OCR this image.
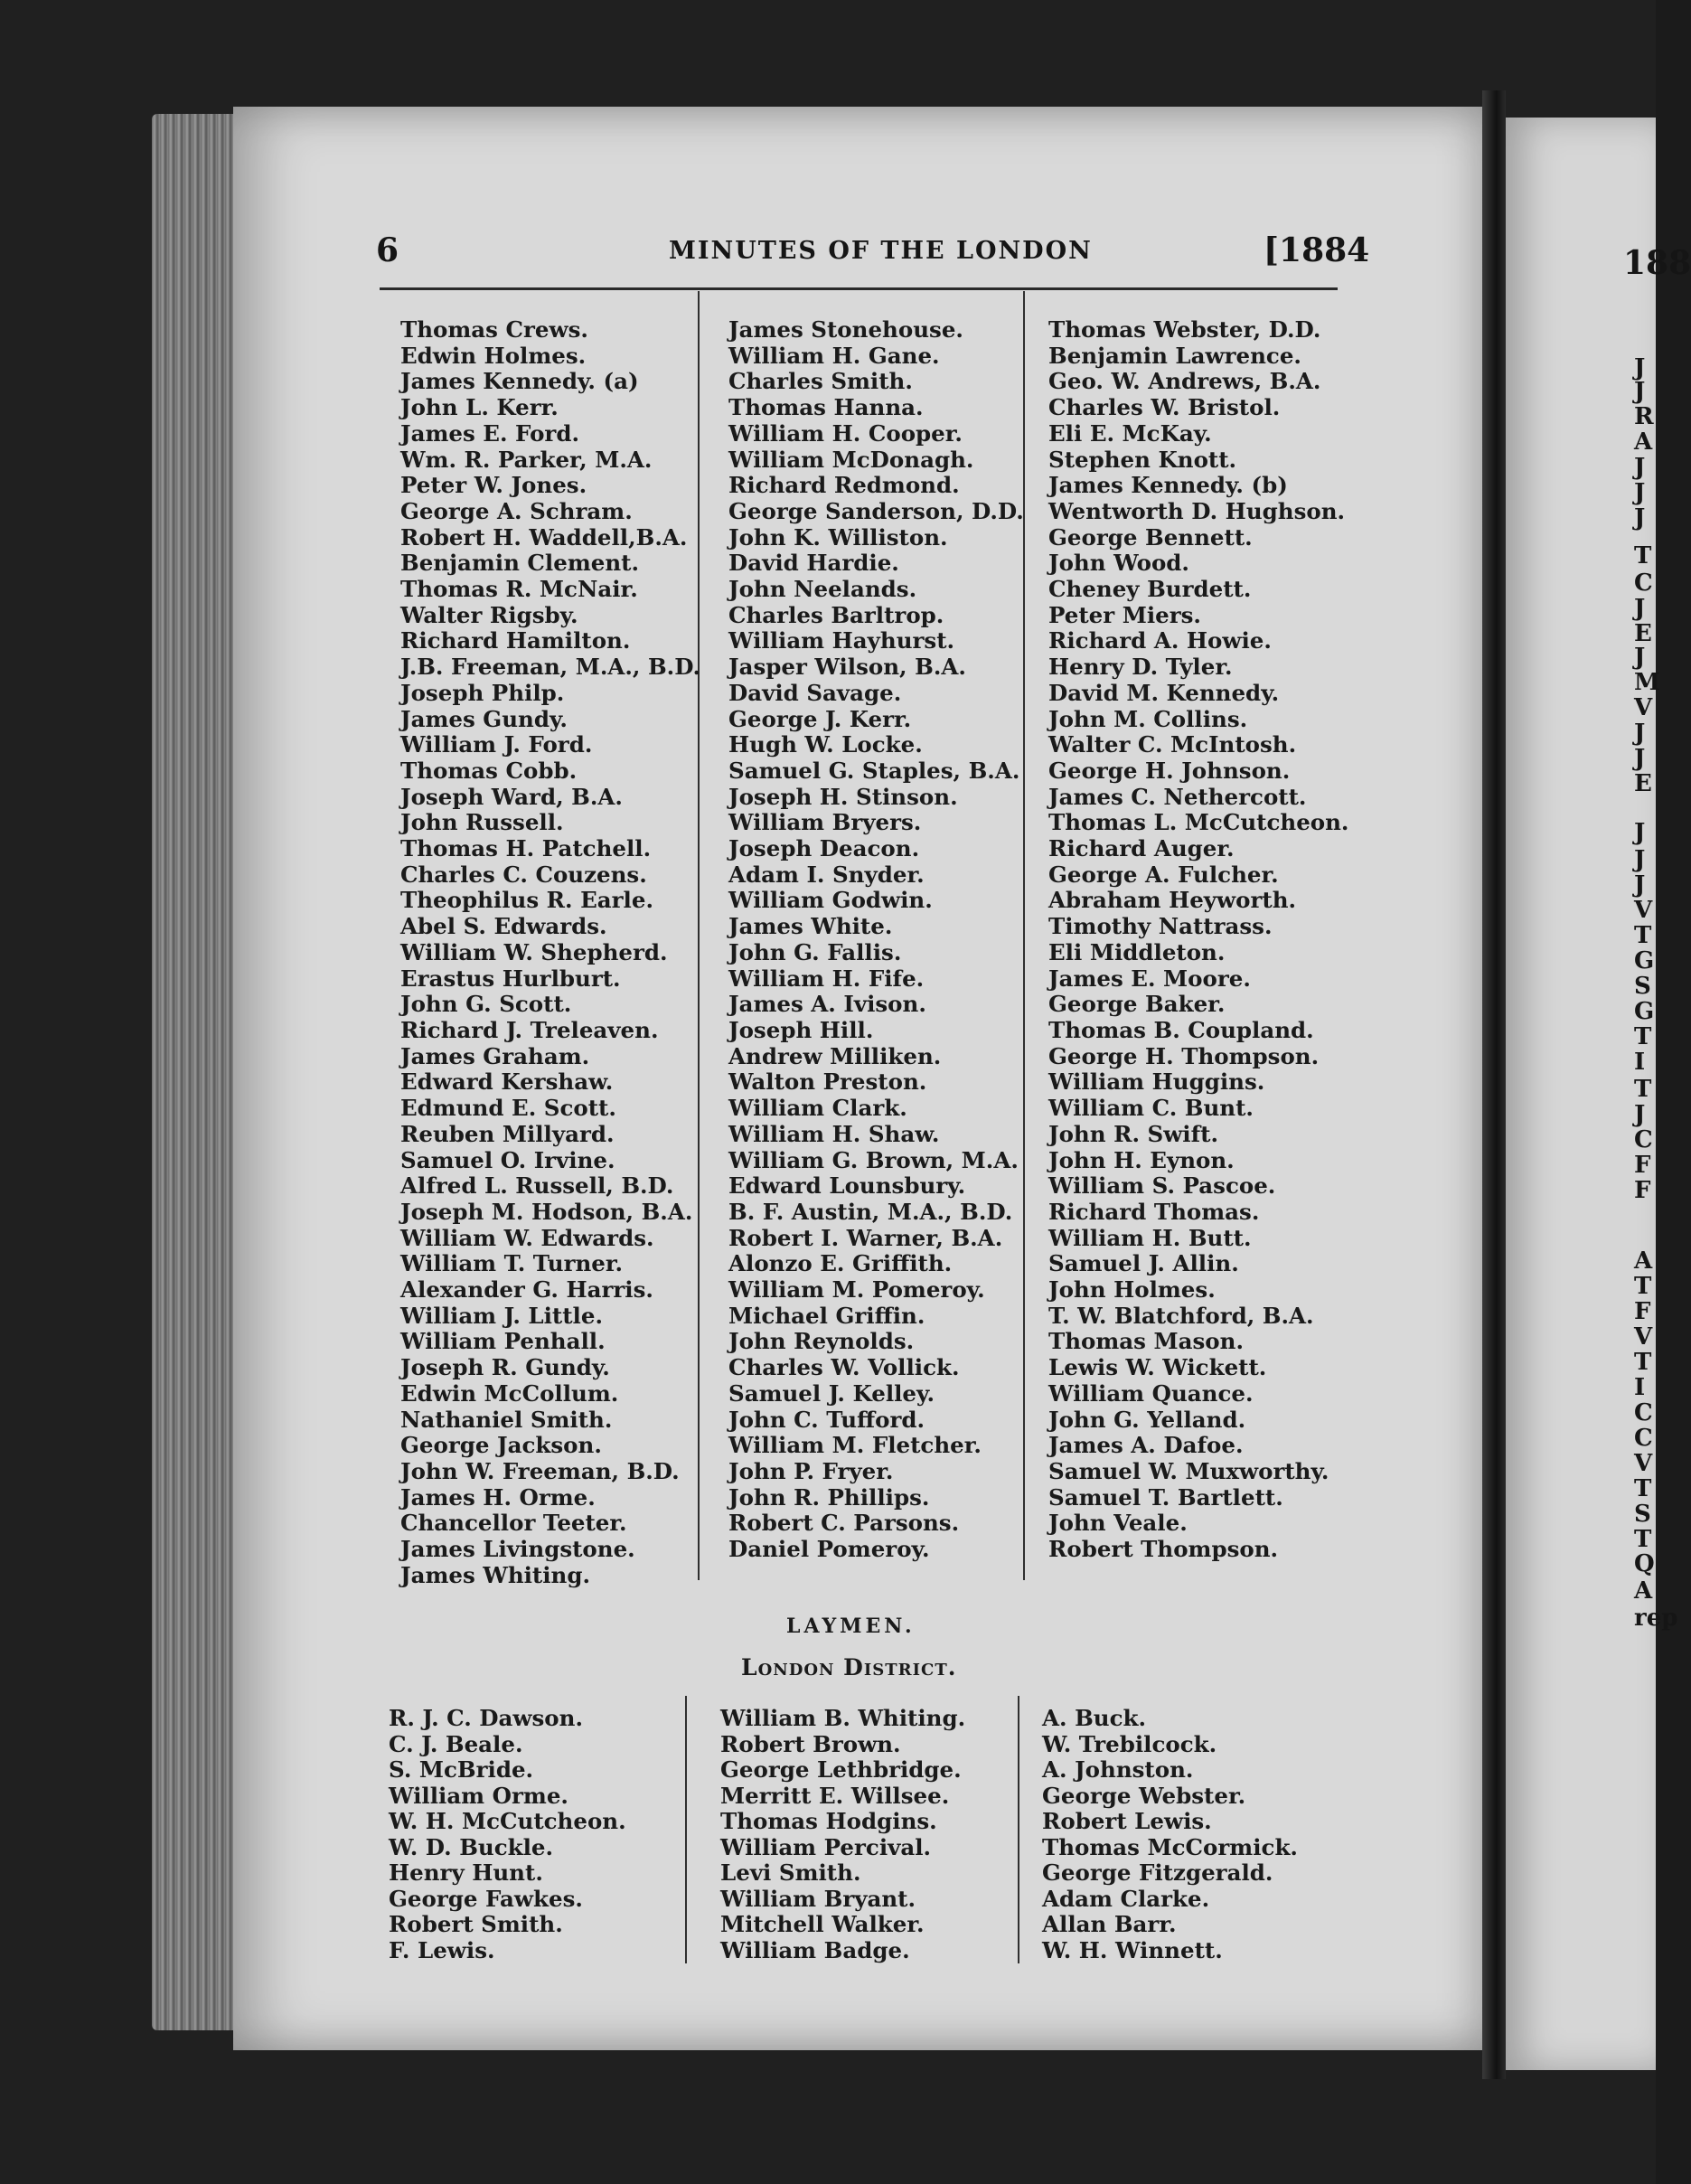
188
J
J
R
A
J
J
J
T
C
J
E
J
M
V
J
J
E
J
J
J
V
T
G
S
G
T
I
T
J
C
F
F
A
T
F
V
T
I
C
C
V
T
S
T
Q
A
rep
6	MINUTES OF THE LONDON	[1884
Thomas Crews.
Edwin Holmes.
James Kennedy. (a)
John L. Kerr.
James E. Ford.
Wm. R. Parker, M.A.
Peter W. Jones.
George A. Schram.
Robert H. Waddell,B.A.
Benjamin Clement.
Thomas R. McNair.
Walter Rigsby.
Richard Hamilton.
J.B. Freeman, M.A., B.D.
Joseph Philp.
James Gundy.
William J. Ford.
Thomas Cobb.
Joseph Ward, B.A.
John Russell.
Thomas H. Patchell.
Charles C. Couzens.
Theophilus R. Earle.
Abel S. Edwards.
William W. Shepherd.
Erastus Hurlburt.
John G. Scott.
Richard J. Treleaven.
James Graham.
Edward Kershaw.
Edmund E. Scott.
Reuben Millyard.
Samuel O. Irvine.
Alfred L. Russell, B.D.
Joseph M. Hodson, B.A.
William W. Edwards.
William T. Turner.
Alexander G. Harris.
William J. Little.
William Penhall.
Joseph R. Gundy.
Edwin McCollum.
Nathaniel Smith.
George Jackson.
John W. Freeman, B.D.
James H. Orme.
Chancellor Teeter.
James Livingstone.
James Whiting.
James Stonehouse.
William H. Gane.
Charles Smith.
Thomas Hanna.
William H. Cooper.
William McDonagh.
Richard Redmond.
George Sanderson, D.D.
John K. Williston.
David Hardie.
John Neelands.
Charles Barltrop.
William Hayhurst.
Jasper Wilson, B.A.
David Savage.
George J. Kerr.
Hugh W. Locke.
Samuel G. Staples, B.A.
Joseph H. Stinson.
William Bryers.
Joseph Deacon.
Adam I. Snyder.
William Godwin.
James White.
John G. Fallis.
William H. Fife.
James A. Ivison.
Joseph Hill.
Andrew Milliken.
Walton Preston.
William Clark.
William H. Shaw.
William G. Brown, M.A.
Edward Lounsbury.
B. F. Austin, M.A., B.D.
Robert I. Warner, B.A.
Alonzo E. Griffith.
William M. Pomeroy.
Michael Griffin.
John Reynolds.
Charles W. Vollick.
Samuel J. Kelley.
John C. Tufford.
William M. Fletcher.
John P. Fryer.
John R. Phillips.
Robert C. Parsons.
Daniel Pomeroy.
Thomas Webster, D.D.
Benjamin Lawrence.
Geo. W. Andrews, B.A.
Charles W. Bristol.
Eli E. McKay.
Stephen Knott.
James Kennedy. (b)
Wentworth D. Hughson.
George Bennett.
John Wood.
Cheney Burdett.
Peter Miers.
Richard A. Howie.
Henry D. Tyler.
David M. Kennedy.
John M. Collins.
Walter C. McIntosh.
George H. Johnson.
James C. Nethercott.
Thomas L. McCutcheon.
Richard Auger.
George A. Fulcher.
Abraham Heyworth.
Timothy Nattrass.
Eli Middleton.
James E. Moore.
George Baker.
Thomas B. Coupland.
George H. Thompson.
William Huggins.
William C. Bunt.
John R. Swift.
John H. Eynon.
William S. Pascoe.
Richard Thomas.
William H. Butt.
Samuel J. Allin.
John Holmes.
T. W. Blatchford, B.A.
Thomas Mason.
Lewis W. Wickett.
William Quance.
John G. Yelland.
James A. Dafoe.
Samuel W. Muxworthy.
Samuel T. Bartlett.
John Veale.
Robert Thompson.
LAYMEN.
London District.
R. J. C. Dawson.
C. J. Beale.
S. McBride.
William Orme.
W. H. McCutcheon.
W. D. Buckle.
Henry Hunt.
George Fawkes.
Robert Smith.
F. Lewis.
William B. Whiting.
Robert Brown.
George Lethbridge.
Merritt E. Willsee.
Thomas Hodgins.
William Percival.
Levi Smith.
William Bryant.
Mitchell Walker.
William Badge.
A. Buck.
W. Trebilcock.
A. Johnston.
George Webster.
Robert Lewis.
Thomas McCormick.
George Fitzgerald.
Adam Clarke.
Allan Barr.
W. H. Winnett.
